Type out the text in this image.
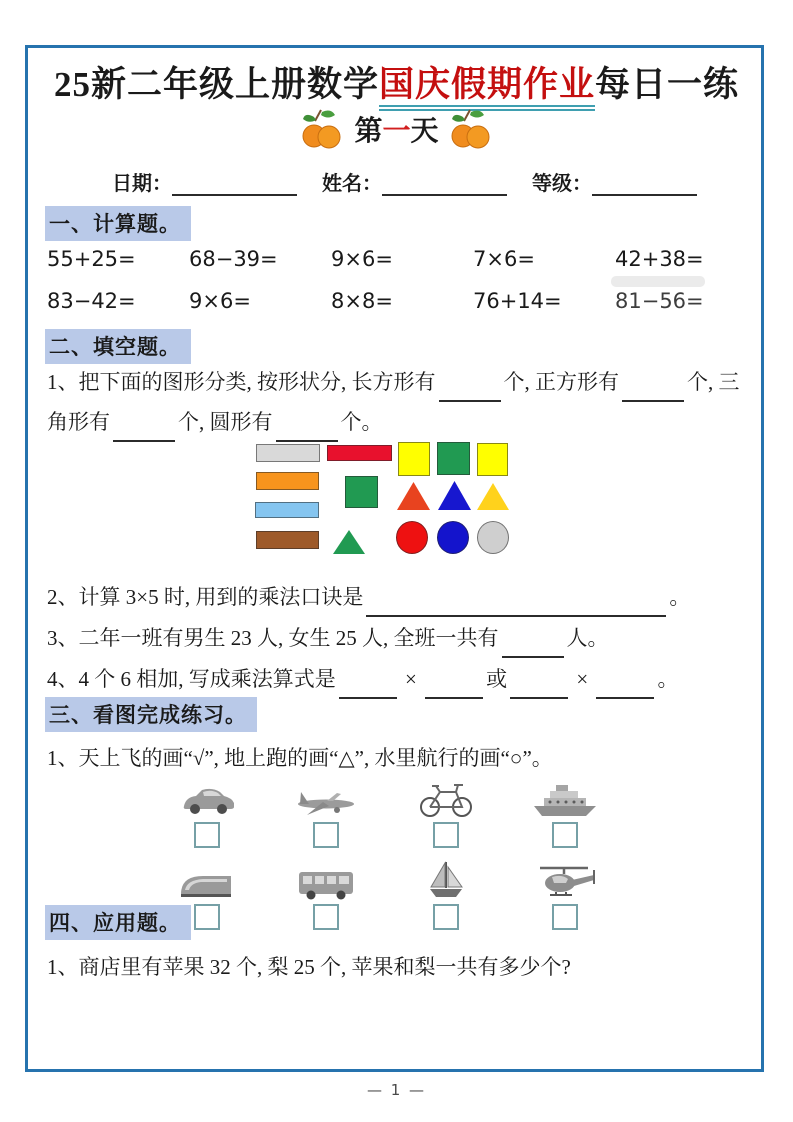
25新二年级上册数学国庆假期作业每日一练
第一天
日期：	姓名：	等级：
一、计算题。
55+25=	68−39=	9×6=	7×6=	42+38=
83−42=	9×6=	8×8=	76+14=	81−56=
二、填空题。
1、把下面的图形分类, 按形状分, 长方形有	个, 正方形有	个, 三角形有	个, 圆形有	个。
2、计算 3×5 时, 用到的乘法口诀是	。
3、二年一班有男生 23 人, 女生 25 人, 全班一共有	人。
4、4 个 6 相加, 写成乘法算式是	×	或	×	。
三、看图完成练习。
1、天上飞的画“√”, 地上跑的画“△”, 水里航行的画“○”。
四、应用题。
1、商店里有苹果 32 个, 梨 25 个, 苹果和梨一共有多少个?
— 1 —
